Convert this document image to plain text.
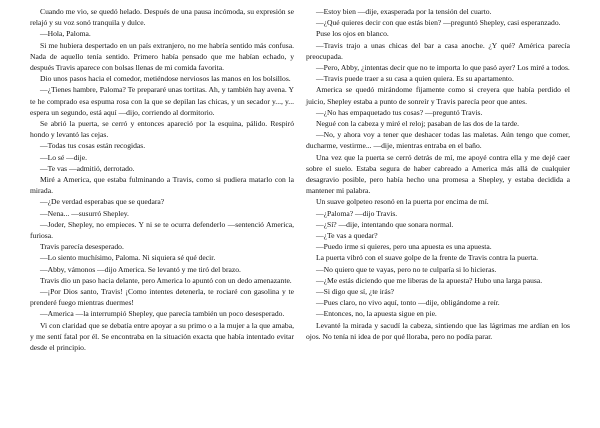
Cuando me vio, se quedó helado. Después de una pausa incómoda, su expresión se relajó y su voz sonó tranquila y dulce.

—Hola, Paloma.

Si me hubiera despertado en un país extranjero, no me habría sentido más confusa. Nada de aquello tenía sentido. Primero había pensado que me habían echado, y después Travis aparece con bolsas llenas de mi comida favorita.

Dio unos pasos hacia el comedor, metiéndose nerviosos las manos en los bolsillos.

—¿Tienes hambre, Paloma? Te prepararé unas tortitas. Ah, y también hay avena. Y te he comprado esa espuma rosa con la que se depilan las chicas, y un secador y..., y... espera un segundo, está aquí —dijo, corriendo al dormitorio.

Se abrió la puerta, se cerró y entonces apareció por la esquina, pálido. Respiró hondo y levantó las cejas.

—Todas tus cosas están recogidas.

—Lo sé —dije.

—Te vas —admitió, derrotado.

Miré a America, que estaba fulminando a Travis, como si pudiera matarlo con la mirada.

—¿De verdad esperabas que se quedara?

—Nena... —susurró Shepley.

—Joder, Shepley, no empieces. Y ni se te ocurra defenderlo —sentenció America, furiosa.

Travis parecía desesperado.

—Lo siento muchísimo, Paloma. Ni siquiera sé qué decir.

—Abby, vámonos —dijo America. Se levantó y me tiró del brazo.

Travis dio un paso hacia delante, pero America lo apuntó con un dedo amenazante.

—¡Por Dios santo, Travis! ¡Como intentes detenerla, te rociaré con gasolina y te prenderé fuego mientras duermes!

—America —la interrumpió Shepley, que parecía también un poco desesperado.

Vi con claridad que se debatía entre apoyar a su primo o a la mujer a la que amaba, y me sentí fatal por él. Se encontraba en la situación exacta que había intentado evitar desde el principio.

—Estoy bien —dije, exasperada por la tensión del cuarto.

—¿Qué quieres decir con que estás bien? —preguntó Shepley, casi esperanzado.

Puse los ojos en blanco.

—Travis trajo a unas chicas del bar a casa anoche. ¿Y qué? América parecía preocupada.

—Pero, Abby, ¿intentas decir que no te importa lo que pasó ayer? Los miré a todos.

—Travis puede traer a su casa a quien quiera. Es su apartamento.

America se quedó mirándome fijamente como si creyera que había perdido el juicio, Shepley estaba a punto de sonreír y Travis parecía peor que antes.

—¿No has empaquetado tus cosas? —preguntó Travis.

Negué con la cabeza y miré el reloj; pasaban de las dos de la tarde.

—No, y ahora voy a tener que deshacer todas las maletas. Aún tengo que comer, ducharme, vestirme... —dije, mientras entraba en el baño.

Una vez que la puerta se cerró detrás de mí, me apoyé contra ella y me dejé caer sobre el suelo. Estaba segura de haber cabreado a America más allá de cualquier desagravio posible, pero había hecho una promesa a Shepley, y estaba decidida a mantener mi palabra.

Un suave golpeteo resonó en la puerta por encima de mí.

—¿Paloma? —dijo Travis.

—¿Sí? —dije, intentando que sonara normal.

—¿Te vas a quedar?

—Puedo irme si quieres, pero una apuesta es una apuesta.

La puerta vibró con el suave golpe de la frente de Travis contra la puerta.

—No quiero que te vayas, pero no te culparía si lo hicieras.

—¿Me estás diciendo que me liberas de la apuesta? Hubo una larga pausa.

—Si digo que sí, ¿te irás?

—Pues claro, no vivo aquí, tonto —dije, obligándome a reír.

—Entonces, no, la apuesta sigue en pie.

Levanté la mirada y sacudí la cabeza, sintiendo que las lágrimas me ardían en los ojos. No tenía ni idea de por qué lloraba, pero no podía parar.
